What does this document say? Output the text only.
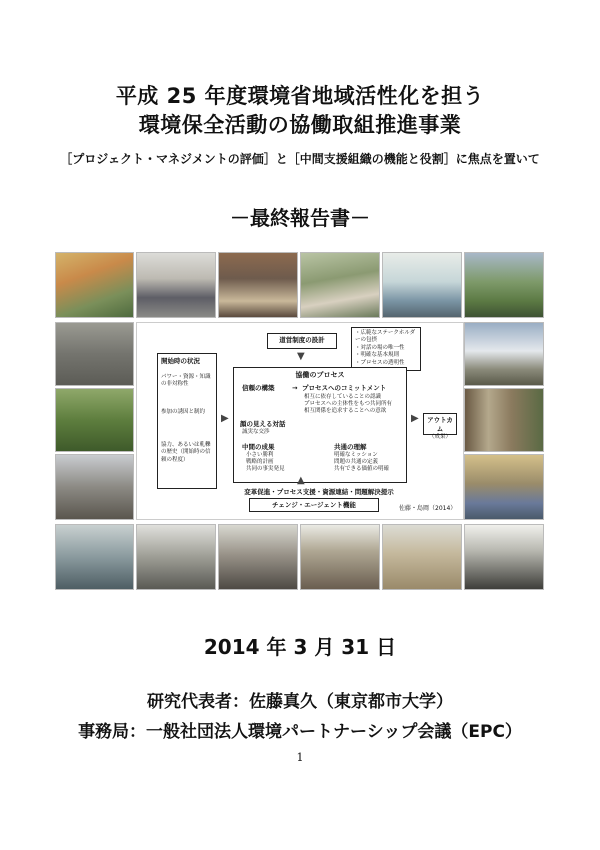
平成 25 年度環境省地域活性化を担う
環境保全活動の協働取組推進事業
［プロジェクト・マネジメントの評価］と［中間支援組織の機能と役割］に焦点を置いて
－最終報告書－
道営制度の設計
・広範なステークホルダーの包摂
・対話の場の唯一性
・明確な基本規則
・プロセスの透明性
▼
開始時の状況
パワー・資源・知識の非対称性
参加の誘因と制約
協力、あるいは軋轢の歴史（開始時の信頼の程度）
▶
協働のプロセス
信頼の構築	→ プロセスへのコミットメント
相互に依存していることの認識
プロセスへの主体性をもつ共同所有
相互関係を追求することへの意欲
顔の見える対話
誠実な交渉
中間の成果
小さい勝利
戦略的計画
共同の事実発見
共通の理解
明確なミッション
問題の共通の定義
共有できる価値の明確
▶ アウトカム
（成果）
▲
変革促進・プロセス支援・資源連結・問題解決提示
チェンジ・エージェント機能	佐藤・島岡（2014）
2014 年 3 月 31 日
研究代表者：佐藤真久（東京都市大学）
事務局：一般社団法人環境パートナーシップ会議（EPC）
1
